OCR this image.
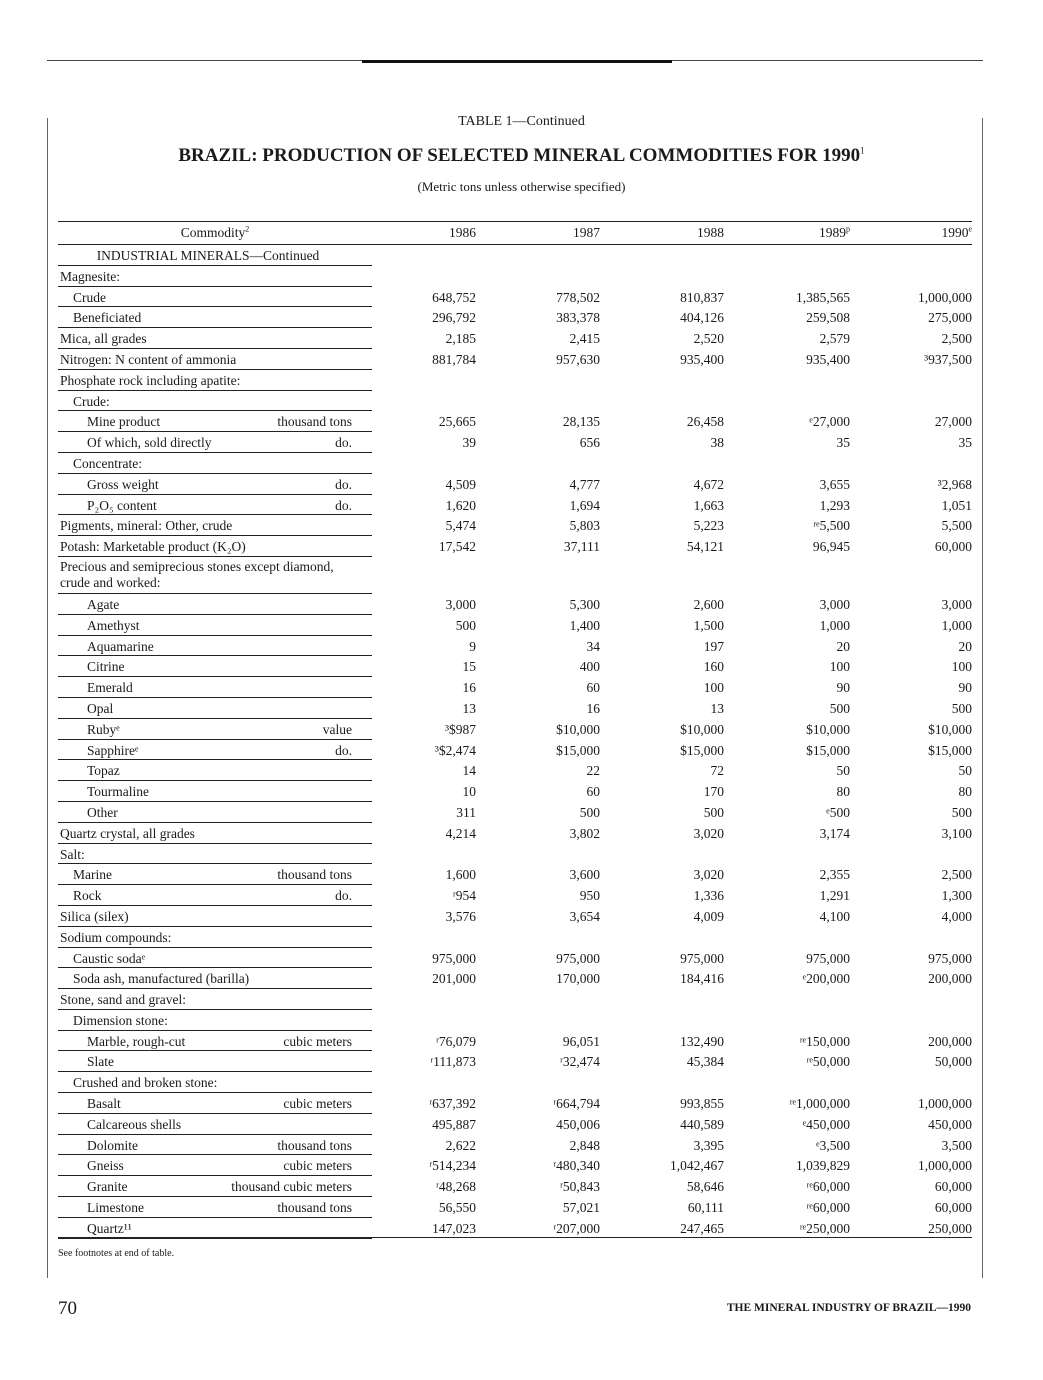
TABLE 1—Continued
BRAZIL: PRODUCTION OF SELECTED MINERAL COMMODITIES FOR 1990$^1$
(Metric tons unless otherwise specified)
Commodity$^2$	1986	1987	1988	1989$^p$	1990e
INDUSTRIAL MINERALS—Continued
Magnesite:
Crude	648,752	778,502	810,837	1,385,565	1,000,000
Beneficiated	296,792	383,378	404,126	259,508	275,000
Mica, all grades	2,185	2,415	2,520	2,579	2,500
Nitrogen: N content of ammonia	881,784	957,630	935,400	935,400	³937,500
Phosphate rock including apatite:
Crude:
Mine product	thousand tons	25,665	28,135	26,458	ᵉ27,000	27,000
Of which, sold directly	do.	39	656	38	35	35
Concentrate:
Gross weight	do.	4,509	4,777	4,672	3,655	³2,968
P₂O₅ content	do.	1,620	1,694	1,663	1,293	1,051
Pigments, mineral: Other, crude	5,474	5,803	5,223	ʳᵉ5,500	5,500
Potash: Marketable product (K₂O)	17,542	37,111	54,121	96,945	60,000
Precious and semiprecious stones except diamond, crude and worked:
Agate	3,000	5,300	2,600	3,000	3,000
Amethyst	500	1,400	1,500	1,000	1,000
Aquamarine	9	34	197	20	20
Citrine	15	400	160	100	100
Emerald	16	60	100	90	90
Opal	13	16	13	500	500
Rubyᵉ	value	³$987	$10,000	$10,000	$10,000	$10,000
Sapphireᵉ	do.	³$2,474	$15,000	$15,000	$15,000	$15,000
Topaz	14	22	72	50	50
Tourmaline	10	60	170	80	80
Other	311	500	500	ᵉ500	500
Quartz crystal, all grades	4,214	3,802	3,020	3,174	3,100
Salt:
Marine	thousand tons	1,600	3,600	3,020	2,355	2,500
Rock	do.	ʳ954	950	1,336	1,291	1,300
Silica (silex)	3,576	3,654	4,009	4,100	4,000
Sodium compounds:
Caustic sodaᵉ	975,000	975,000	975,000	975,000	975,000
Soda ash, manufactured (barilla)	201,000	170,000	184,416	ᵉ200,000	200,000
Stone, sand and gravel:
Dimension stone:
Marble, rough-cut	cubic meters	ʳ76,079	96,051	132,490	ʳᵉ150,000	200,000
Slate	ʳ111,873	ʳ32,474	45,384	ʳᵉ50,000	50,000
Crushed and broken stone:
Basalt	cubic meters	ʳ637,392	ʳ664,794	993,855	ʳᵉ1,000,000	1,000,000
Calcareous shells	495,887	450,006	440,589	ᵉ450,000	450,000
Dolomite	thousand tons	2,622	2,848	3,395	ᵉ3,500	3,500
Gneiss	cubic meters	ʳ514,234	ʳ480,340	1,042,467	1,039,829	1,000,000
Granite	thousand cubic meters	ʳ48,268	ʳ50,843	58,646	ʳᵉ60,000	60,000
Limestone	thousand tons	56,550	57,021	60,111	ʳᵉ60,000	60,000
Quartz¹¹	147,023	ʳ207,000	247,465	ʳᵉ250,000	250,000
See footnotes at end of table.
70	THE MINERAL INDUSTRY OF BRAZIL—1990
